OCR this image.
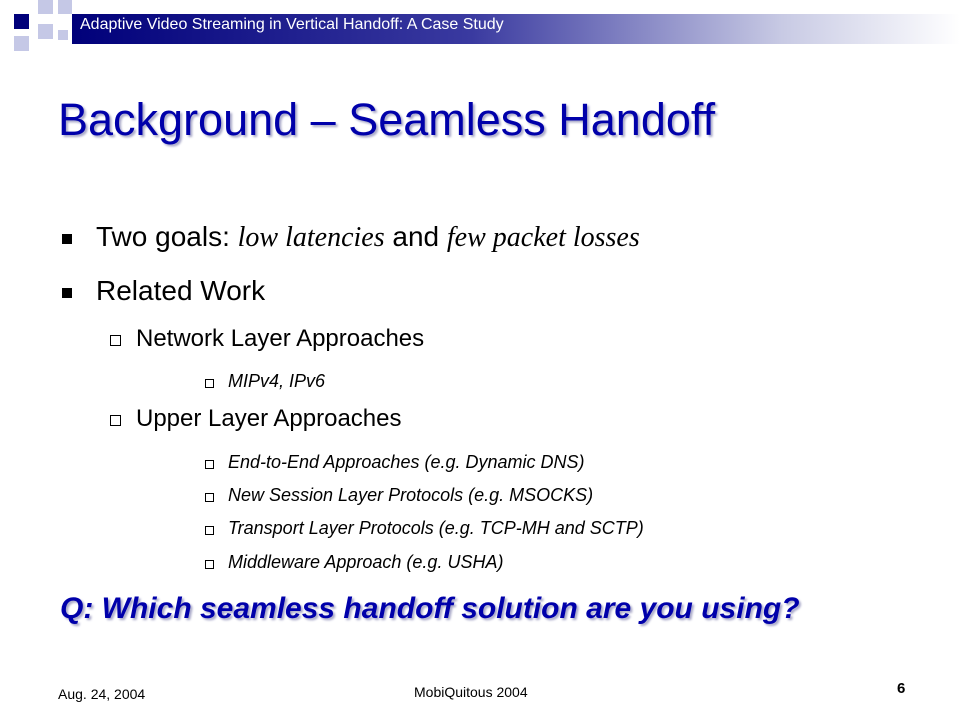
Adaptive Video Streaming in Vertical Handoff: A Case Study
Background – Seamless Handoff
Two goals: low latencies and few packet losses
Related Work
Network Layer Approaches
MIPv4, IPv6
Upper Layer Approaches
End-to-End Approaches (e.g. Dynamic DNS)
New Session Layer Protocols (e.g. MSOCKS)
Transport Layer Protocols (e.g. TCP-MH and SCTP)
Middleware Approach (e.g. USHA)
Q: Which seamless handoff solution are you using?
Aug. 24, 2004	MobiQuitous 2004	6
